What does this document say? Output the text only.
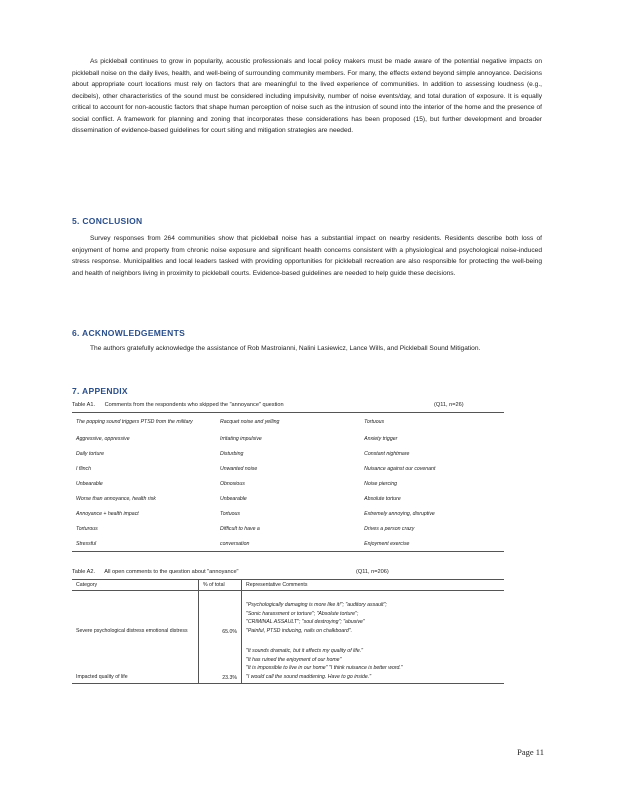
As pickleball continues to grow in popularity, acoustic professionals and local policy makers must be made aware of the potential negative impacts on pickleball noise on the daily lives, health, and well-being of surrounding community members. For many, the effects extend beyond simple annoyance. Decisions about appropriate court locations must rely on factors that are meaningful to the lived experience of communities. In addition to assessing loudness (e.g., decibels), other characteristics of the sound must be considered including impulsivity, number of noise events/day, and total duration of exposure. It is equally critical to account for non-acoustic factors that shape human perception of noise such as the intrusion of sound into the interior of the home and the presence of social conflict. A framework for planning and zoning that incorporates these considerations has been proposed (15), but further development and broader dissemination of evidence-based guidelines for court siting and mitigation strategies are needed.

5. CONCLUSION

Survey responses from 264 communities show that pickleball noise has a substantial impact on nearby residents. Residents describe both loss of enjoyment of home and property from chronic noise exposure and significant health concerns consistent with a physiological and psychological noise-induced stress response. Municipalities and local leaders tasked with providing opportunities for pickleball recreation are also responsible for protecting the well-being and health of neighbors living in proximity to pickleball courts. Evidence-based guidelines are needed to help guide these decisions.

6. ACKNOWLEDGEMENTS

The authors gratefully acknowledge the assistance of Rob Mastroianni, Nalini Lasiewicz, Lance Wills, and Pickleball Sound Mitigation.

7. APPENDIX
Table A1. Comments from the respondents who skipped the "annoyance" question	(Q11, n=26)
The popping sound triggers PTSD from the military	Racquet noise and yelling	Tortuous
Aggressive, oppressive	Irritating impulsive	Anxiety trigger
Daily torture	Disturbing	Constant nightmare
I flinch	Unwanted noise	Nuisance against our covenant
Unbearable	Obnoxious	Noise piercing
Worse than annoyance, health risk	Unbearable	Absolute torture
Annoyance + health impact	Tortuous	Extremely annoying, disruptive
Torturous	Difficult to have a	Drives a person crazy
Stressful	conversation	Enjoyment exercise
Table A2. All open comments to the question about "annoyance"	(Q11, n=206)
Category	% of total	Representative Comments
Severe psychological distress emotional distress	65.0%	"Psychologically damaging is more like it!"; "auditory assault";
"Sonic harassment or torture"; "Absolute torture";
"CRIMINAL ASSAULT"; "soul destroying"; "abusive"
"Painful, PTSD inducing, nails on chalkboard".

Impacted quality of life	23.3%	"It sounds dramatic, but it affects my quality of life."
"It has ruined the enjoyment of our home"
"It is impossible to live in our home" "I think nuisance is better word."
"I would call the sound maddening. Have to go inside."
Page 11
